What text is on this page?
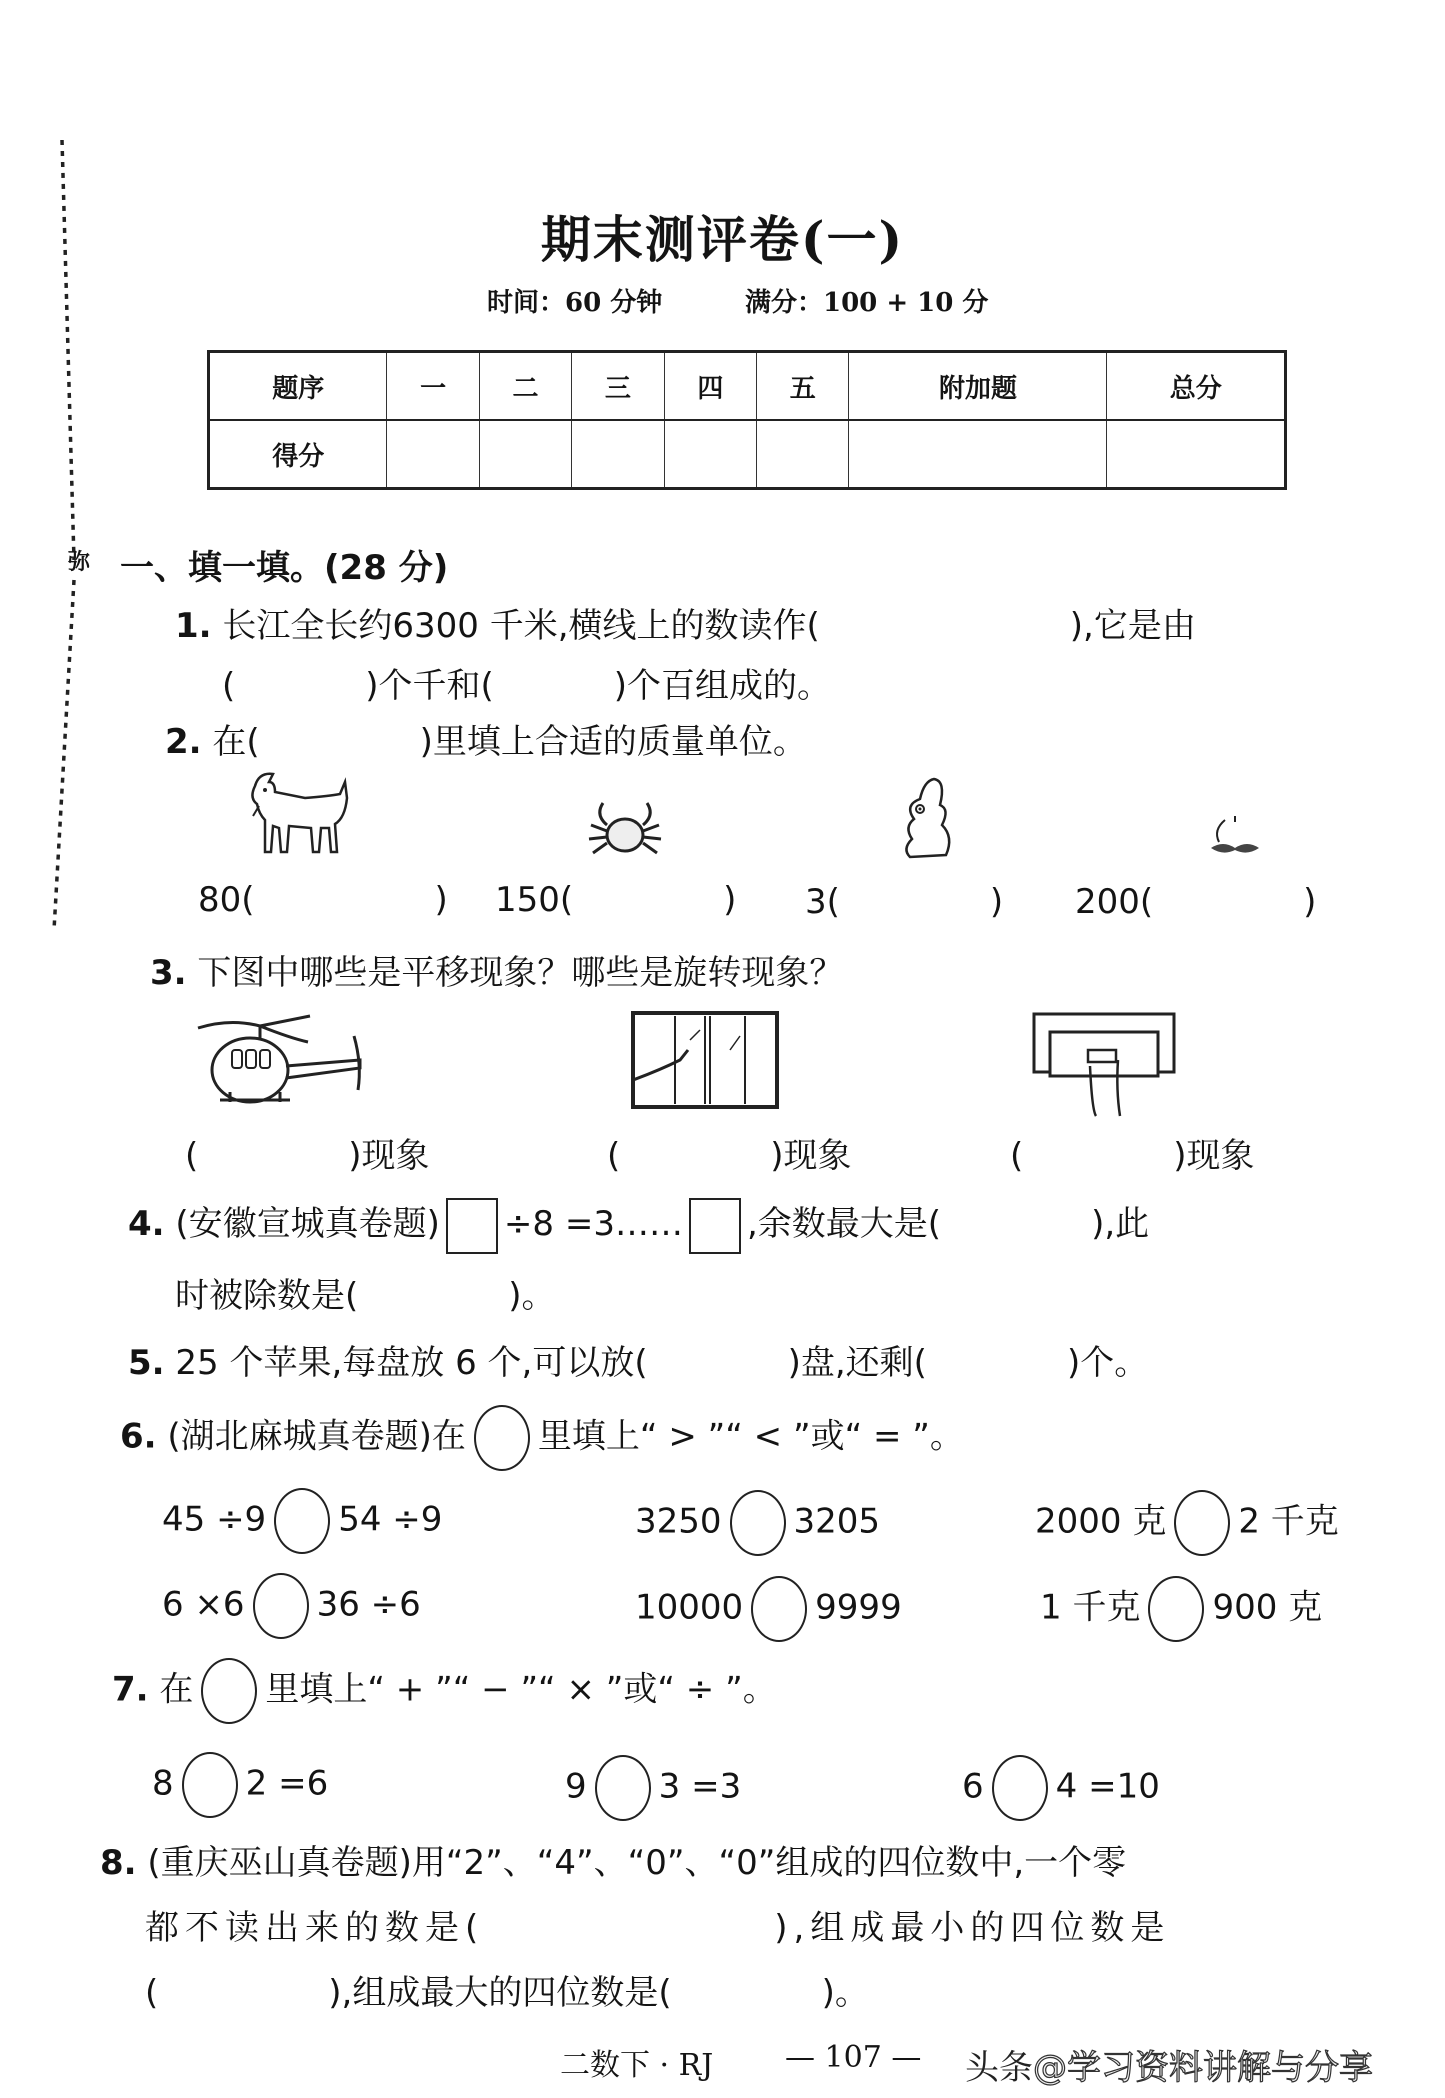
弥
期末测评卷(一)
时间：60 分钟	满分：100 + 10 分
题序	一	二	三	四	五	附加题	总分
得分							
一、填一填。(28 分)
1. 长江全长约6300 千米,横线上的数读作(	),它是由
(	)个千和(	)个百组成的。
2. 在(	)里填上合适的质量单位。
80(	) 150(	) 3(	) 200(	)
3. 下图中哪些是平移现象？哪些是旋转现象？
(	)现象	(	)现象	(	)现象
4. (安徽宣城真卷题) ÷8 =3…… ,余数最大是(	),此
时被除数是(	)。
5. 25 个苹果,每盘放 6 个,可以放(	)盘,还剩(	)个。
6. (湖北麻城真卷题)在 里填上“ > ”“ < ”或“ = ”。
45 ÷9 54 ÷9	3250 3205	2000 克 2 千克
6 ×6 36 ÷6	10000 9999	1 千克 900 克
7. 在 里填上“ + ”“ − ”“ × ”或“ ÷ ”。
8 2 =6	9 3 =3	6 4 =10
8. (重庆巫山真卷题)用“2”、“4”、“0”、“0”组成的四位数中,一个零
都不读出来的数是(	),组成最小的四位数是
(	),组成最大的四位数是(	)。
二数下 · RJ — 107 — 头条@学习资料讲解与分享
